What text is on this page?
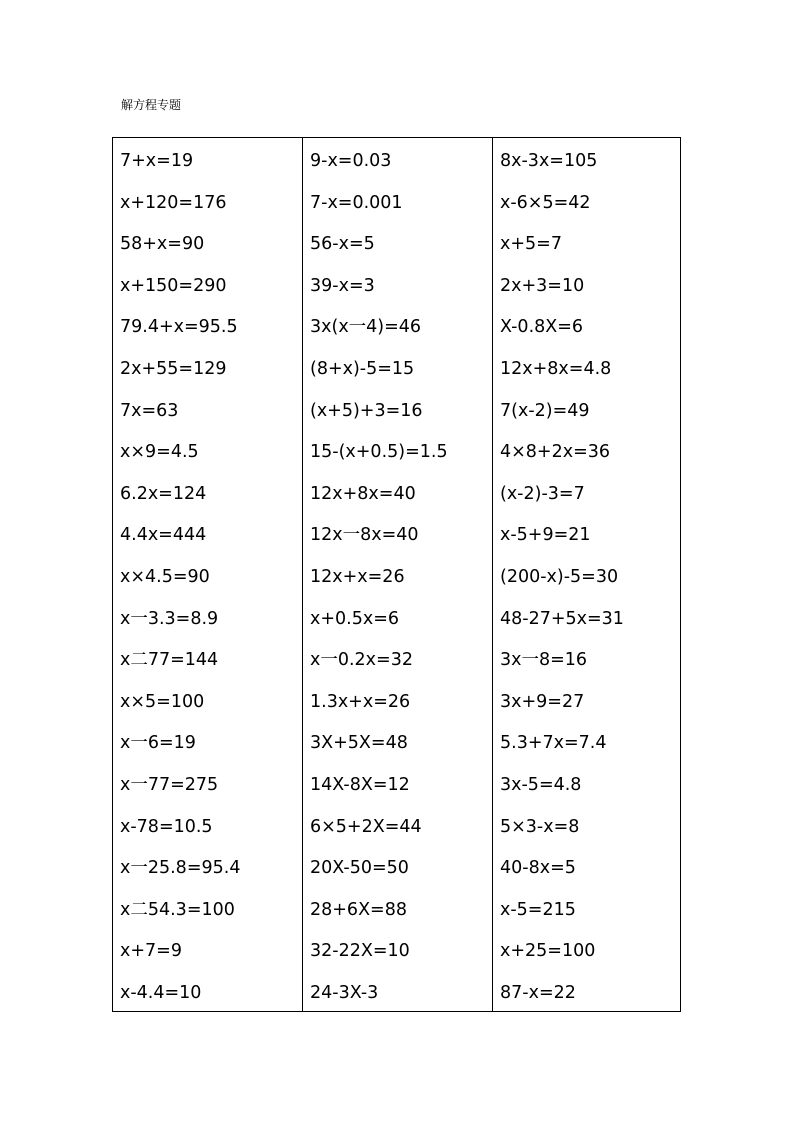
解方程专题
7+x=19
x+120=176
58+x=90
x+150=290
79.4+x=95.5
2x+55=129
7x=63
x×9=4.5
6.2x=124
4.4x=444
x×4.5=90
x一3.3=8.9
x二77=144
x×5=100
x一6=19
x一77=275
x-78=10.5
x一25.8=95.4
x二54.3=100
x+7=9
x-4.4=10
9-x=0.03
7-x=0.001
56-x=5
39-x=3
3x(x一4)=46
(8+x)-5=15
(x+5)+3=16
15-(x+0.5)=1.5
12x+8x=40
12x一8x=40
12x+x=26
x+0.5x=6
x一0.2x=32
1.3x+x=26
3X+5X=48
14X-8X=12
6×5+2X=44
20X-50=50
28+6X=88
32-22X=10
24-3X-3
8x-3x=105
x-6×5=42
x+5=7
2x+3=10
X-0.8X=6
12x+8x=4.8
7(x-2)=49
4×8+2x=36
(x-2)-3=7
x-5+9=21
(200-x)-5=30
48-27+5x=31
3x一8=16
3x+9=27
5.3+7x=7.4
3x-5=4.8
5×3-x=8
40-8x=5
x-5=215
x+25=100
87-x=22
